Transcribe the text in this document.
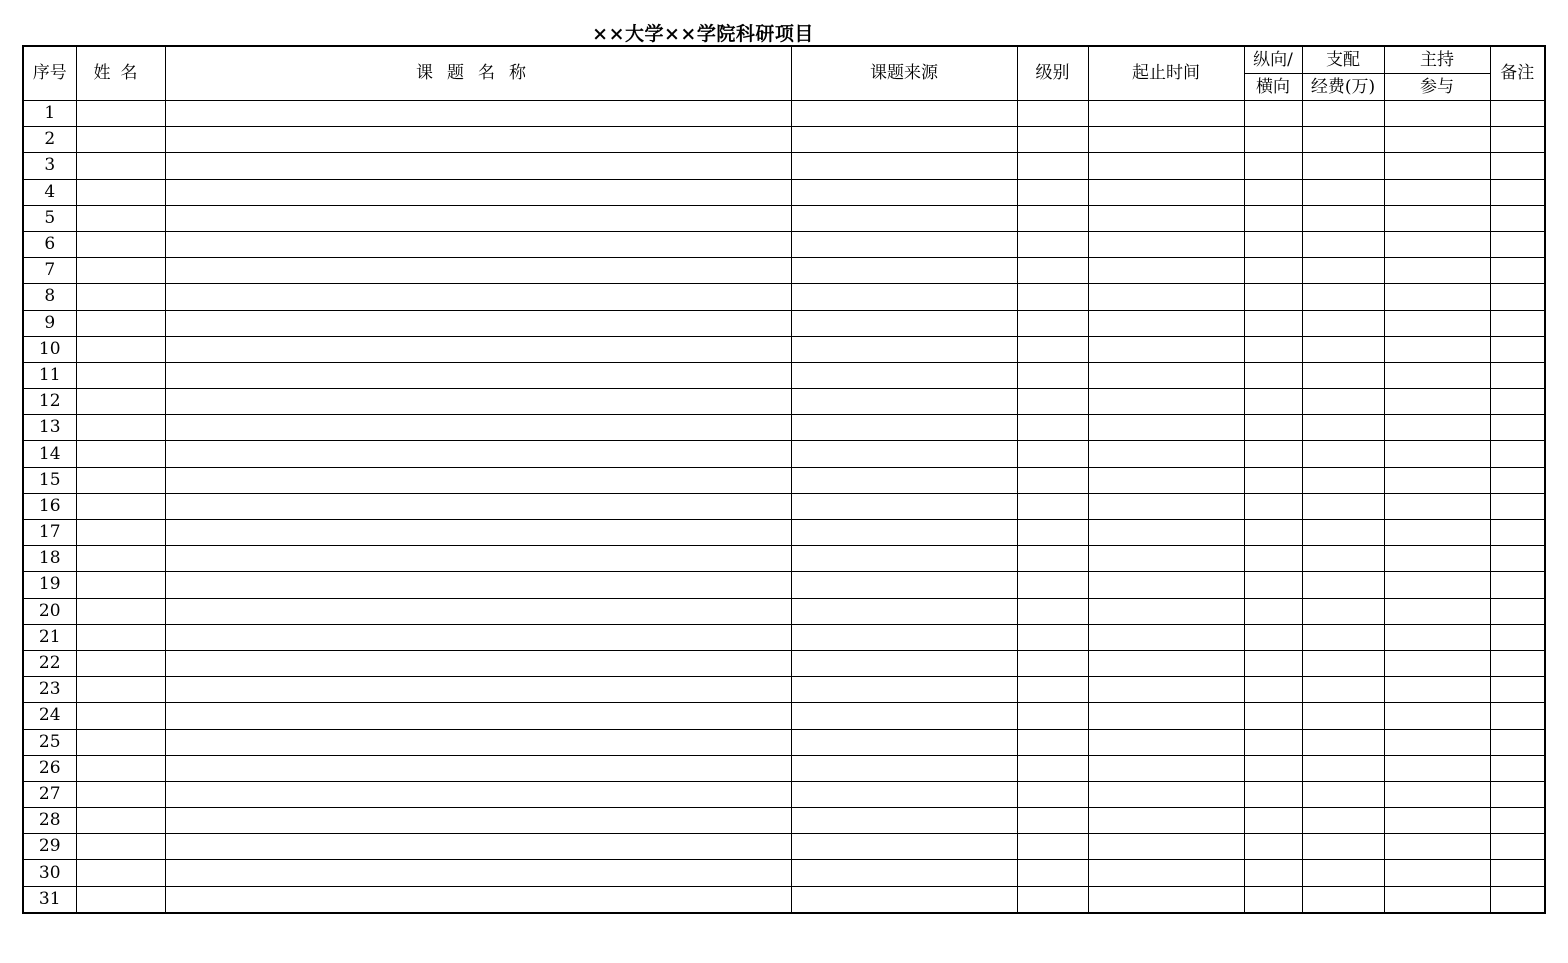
××大学××学院科研项目
序号	姓名	课题名称	课题来源	级别	起止时间	纵向/	支配	主持	备注
						横向	经费(万)	参与	
1									
2									
3									
4									
5									
6									
7									
8									
9									
10									
11									
12									
13									
14									
15									
16									
17									
18									
19									
20									
21									
22									
23									
24									
25									
26									
27									
28									
29									
30									
31									
